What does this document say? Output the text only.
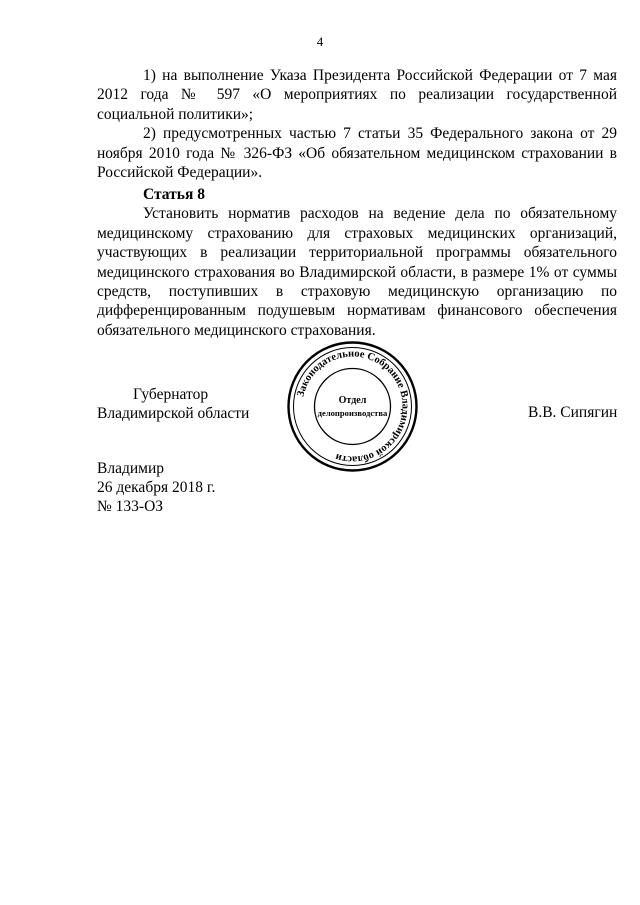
4

1) на выполнение Указа Президента Российской Федерации от 7 мая 2012 года № 597 «О мероприятиях по реализации государственной социальной политики»;

2) предусмотренных частью 7 статьи 35 Федерального закона от 29 ноября 2010 года № 326-ФЗ «Об обязательном медицинском страховании в Российской Федерации».

Статья 8

Установить норматив расходов на ведение дела по обязательному медицинскому страхованию для страховых медицинских организаций, участвующих в реализации территориальной программы обязательного медицинского страхования во Владимирской области, в размере 1% от суммы средств, поступивших в страховую медицинскую организацию по дифференцированным подушевым нормативам финансового обеспечения обязательного медицинского страхования.

Губернатор
Владимирской области
Законодательное Собрание Владимирской области
Отдел
делопроизводства	В.В. Сипягин
Владимир
26 декабря 2018 г.
№ 133-ОЗ
